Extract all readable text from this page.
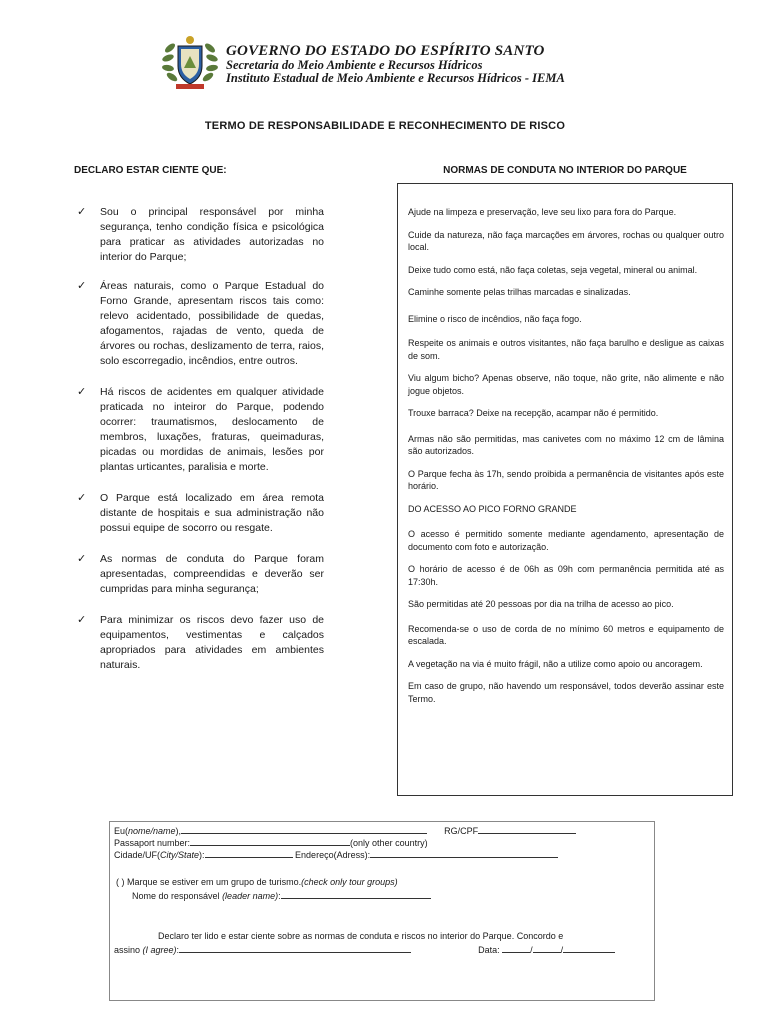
GOVERNO DO ESTADO DO ESPÍRITO SANTO
Secretaria do Meio Ambiente e Recursos Hídricos
Instituto Estadual de Meio Ambiente e Recursos Hídricos - IEMA
TERMO DE RESPONSABILIDADE E RECONHECIMENTO DE RISCO
DECLARO ESTAR CIENTE QUE:	NORMAS DE CONDUTA NO INTERIOR DO PARQUE
✓ Sou o principal responsável por minha segurança, tenho condição física e psicológica para praticar as atividades autorizadas no interior do Parque;
✓ Áreas naturais, como o Parque Estadual do Forno Grande, apresentam riscos tais como: relevo acidentado, possibilidade de quedas, afogamentos, rajadas de vento, queda de árvores ou rochas, deslizamento de terra, raios, solo escorregadio, incêndios, entre outros.
✓ Há riscos de acidentes em qualquer atividade praticada no inteiror do Parque, podendo ocorrer: traumatismos, deslocamento de membros, luxações, fraturas, queimaduras, picadas ou mordidas de animais, lesões por plantas urticantes, paralisia e morte.
✓ O Parque está localizado em área remota distante de hospitais e sua administração não possui equipe de socorro ou resgate.
✓ As normas de conduta do Parque foram apresentadas, compreendidas e deverão ser cumpridas para minha segurança;
✓ Para minimizar os riscos devo fazer uso de equipamentos, vestimentas e calçados apropriados para atividades em ambientes naturais.
Ajude na limpeza e preservação, leve seu lixo para fora do Parque.
Cuide da natureza, não faça marcações em árvores, rochas ou qualquer outro local.
Deixe tudo como está, não faça coletas, seja vegetal, mineral ou animal.
Caminhe somente pelas trilhas marcadas e sinalizadas.
Elimine o risco de incêndios, não faça fogo.
Respeite os animais e outros visitantes, não faça barulho e desligue as caixas de som.
Viu algum bicho? Apenas observe, não toque, não grite, não alimente e não jogue objetos.
Trouxe barraca? Deixe na recepção, acampar não é permitido.
Armas não são permitidas, mas canivetes com no máximo 12 cm de lâmina são autorizados.
O Parque fecha às 17h, sendo proibida a permanência de visitantes após este horário.
DO ACESSO AO PICO FORNO GRANDE
O acesso é permitido somente mediante agendamento, apresentação de documento com foto e autorização.
O horário de acesso é de 06h as 09h com permanência permitida até as 17:30h.
São permitidas até 20 pessoas por dia na trilha de acesso ao pico.
Recomenda-se o uso de corda de no mínimo 60 metros e equipamento de escalada.
A vegetação na via é muito frágil, não a utilize como apoio ou ancoragem.
Em caso de grupo, não havendo um responsável, todos deverão assinar este Termo.
Eu(nome/name),	RG/CPF
Passaport number:	(only other country)
Cidade/UF(City/State):	Endereço(Adress):
( ) Marque se estiver em um grupo de turismo.(check only tour groups)
Nome do responsável (leader name):
Declaro ter lido e estar ciente sobre as normas de conduta e riscos no interior do Parque. Concordo e
assino (I agree):	Data:	/	/
